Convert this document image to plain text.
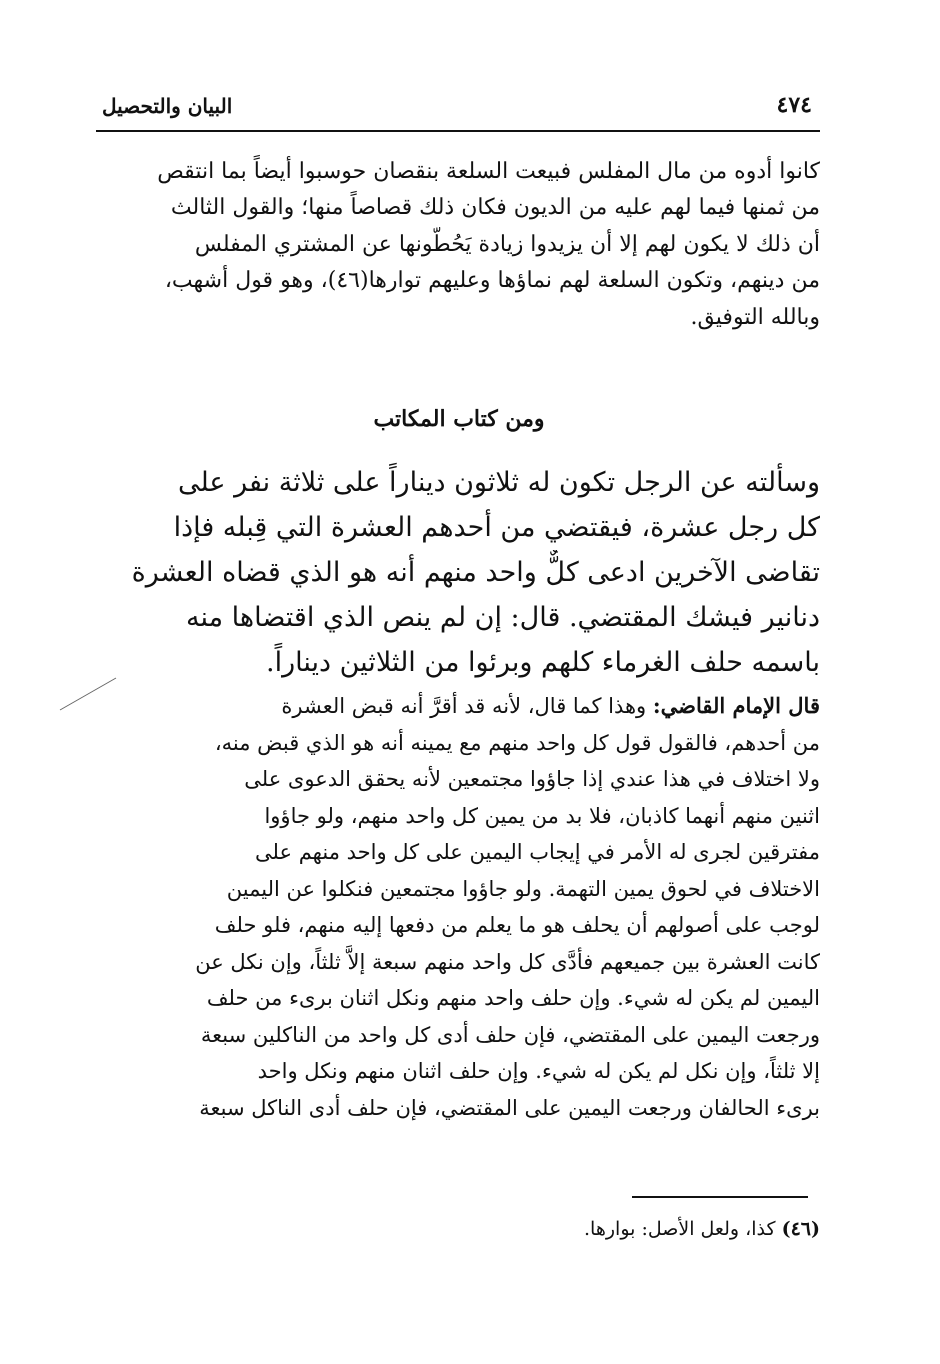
٤٧٤
البيان والتحصيل
كانوا أدوه من مال المفلس فبيعت السلعة بنقصان حوسبوا أيضاً بما انتقص
من ثمنها فيما لهم عليه من الديون فكان ذلك قصاصاً منها؛ والقول الثالث
أن ذلك لا يكون لهم إلا أن يزيدوا زيادة يَحُطُّونها عن المشتري المفلس
من دينهم، وتكون السلعة لهم نماؤها وعليهم توارها(٤٦)، وهو قول أشهب،
وبالله التوفيق.
ومن كتاب المكاتب
وسألته عن الرجل تكون له ثلاثون ديناراً على ثلاثة نفر على
كل رجل عشرة، فيقتضي من أحدهم العشرة التي قِبله فإذا
تقاضى الآخرين ادعى كلٌّ واحد منهم أنه هو الذي قضاه العشرة
دنانير فيشك المقتضي. قال: إن لم ينص الذي اقتضاها منه
باسمه حلف الغرماء كلهم وبرئوا من الثلاثين ديناراً.
قال الإمام القاضي: وهذا كما قال، لأنه قد أقرَّ أنه قبض العشرة
من أحدهم، فالقول قول كل واحد منهم مع يمينه أنه هو الذي قبض منه،
ولا اختلاف في هذا عندي إذا جاؤوا مجتمعين لأنه يحقق الدعوى على
اثنين منهم أنهما كاذبان، فلا بد من يمين كل واحد منهم، ولو جاؤوا
مفترقين لجرى له الأمر في إيجاب اليمين على كل واحد منهم على
الاختلاف في لحوق يمين التهمة. ولو جاؤوا مجتمعين فنكلوا عن اليمين
لوجب على أصولهم أن يحلف هو ما يعلم من دفعها إليه منهم، فلو حلف
كانت العشرة بين جميعهم فأدَّى كل واحد منهم سبعة إلاَّ ثلثاً، وإن نكل عن
اليمين لم يكن له شيء. وإن حلف واحد منهم ونكل اثنان برىء من حلف
ورجعت اليمين على المقتضي، فإن حلف أدى كل واحد من الناكلين سبعة
إلا ثلثاً، وإن نكل لم يكن له شيء. وإن حلف اثنان منهم ونكل واحد
برىء الحالفان ورجعت اليمين على المقتضي، فإن حلف أدى الناكل سبعة
(٤٦) كذا، ولعل الأصل: بوارها.
